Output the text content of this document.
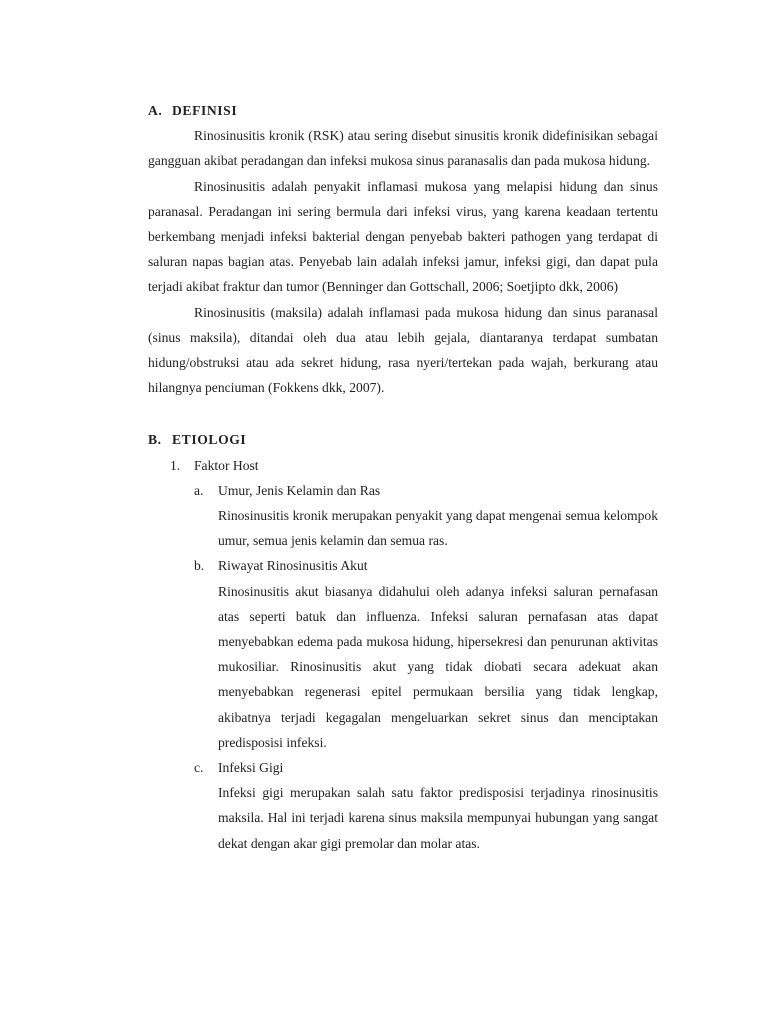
A. DEFINISI

Rinosinusitis kronik (RSK) atau sering disebut sinusitis kronik didefinisikan sebagai gangguan akibat peradangan dan infeksi mukosa sinus paranasalis dan pada mukosa hidung.

Rinosinusitis adalah penyakit inflamasi mukosa yang melapisi hidung dan sinus paranasal. Peradangan ini sering bermula dari infeksi virus, yang karena keadaan tertentu berkembang menjadi infeksi bakterial dengan penyebab bakteri pathogen yang terdapat di saluran napas bagian atas. Penyebab lain adalah infeksi jamur, infeksi gigi, dan dapat pula terjadi akibat fraktur dan tumor (Benninger dan Gottschall, 2006; Soetjipto dkk, 2006)

Rinosinusitis (maksila) adalah inflamasi pada mukosa hidung dan sinus paranasal (sinus maksila), ditandai oleh dua atau lebih gejala, diantaranya terdapat sumbatan hidung/obstruksi atau ada sekret hidung, rasa nyeri/tertekan pada wajah, berkurang atau hilangnya penciuman (Fokkens dkk, 2007).

B. ETIOLOGI

1. Faktor Host

a. Umur, Jenis Kelamin dan Ras

Rinosinusitis kronik merupakan penyakit yang dapat mengenai semua kelompok umur, semua jenis kelamin dan semua ras.

b. Riwayat Rinosinusitis Akut

Rinosinusitis akut biasanya didahului oleh adanya infeksi saluran pernafasan atas seperti batuk dan influenza. Infeksi saluran pernafasan atas dapat menyebabkan edema pada mukosa hidung, hipersekresi dan penurunan aktivitas mukosiliar. Rinosinusitis akut yang tidak diobati secara adekuat akan menyebabkan regenerasi epitel permukaan bersilia yang tidak lengkap, akibatnya terjadi kegagalan mengeluarkan sekret sinus dan menciptakan predisposisi infeksi.

c. Infeksi Gigi

Infeksi gigi merupakan salah satu faktor predisposisi terjadinya rinosinusitis maksila. Hal ini terjadi karena sinus maksila mempunyai hubungan yang sangat dekat dengan akar gigi premolar dan molar atas.
